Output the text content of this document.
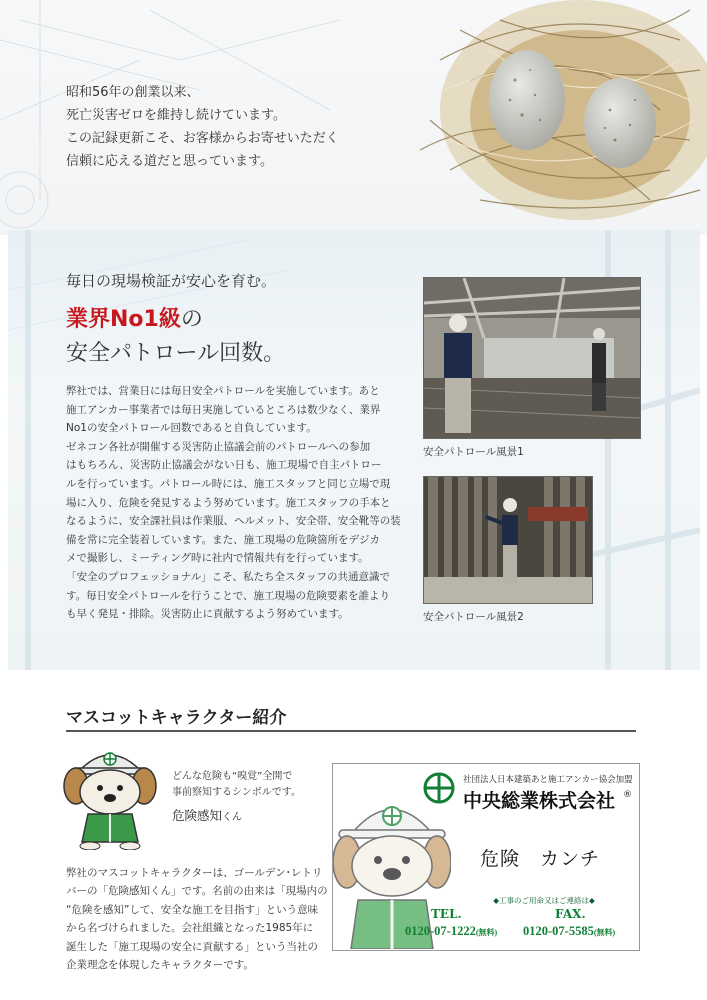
昭和56年の創業以来、
死亡災害ゼロを維持し続けています。
この記録更新こそ、お客様からお寄せいただく
信頼に応える道だと思っています。
毎日の現場検証が安心を育む。
業界No1級の
安全パトロール回数。
弊社では、営業日には毎日安全パトロールを実施しています。あと
施工アンカー事業者では毎日実施しているところは数少なく、業界
No1の安全パトロール回数であると自負しています。
ゼネコン各社が開催する災害防止協議会前のパトロールへの参加
はもちろん、災害防止協議会がない日も、施工現場で自主パトロー
ルを行っています。パトロール時には、施工スタッフと同じ立場で現
場に入り、危険を発見するよう努めています。施工スタッフの手本と
なるように、安全課社員は作業服、ヘルメット、安全帯、安全靴等の装
備を常に完全装着しています。また、施工現場の危険箇所をデジカ
メで撮影し、ミーティング時に社内で情報共有を行っています。
「安全のプロフェッショナル」こそ、私たち全スタッフの共通意識で
す。毎日安全パトロールを行うことで、施工現場の危険要素を誰より
も早く発見・排除。災害防止に貢献するよう努めています。
安全パトロール風景1
安全パトロール風景2
マスコットキャラクター紹介
どんな危険も“嗅覚”全開で
事前察知するシンボルです。
危険感知くん
弊社のマスコットキャラクターは、ゴールデン･レトリ
バーの「危険感知くん」です。名前の由来は「現場内の
“危険を感知”して、安全な施工を目指す」という意味
から名づけられました。会社組織となった1985年に
誕生した「施工現場の安全に貢献する」という当社の
企業理念を体現したキャラクターです。
社団法人日本建築あと施工アンカー協会加盟
中央総業株式会社 ®
危険　カンチ
◆工事のご用命又はご連絡は◆
TEL.	FAX.
0120-07-1222(無料) 0120-07-5585(無料)
